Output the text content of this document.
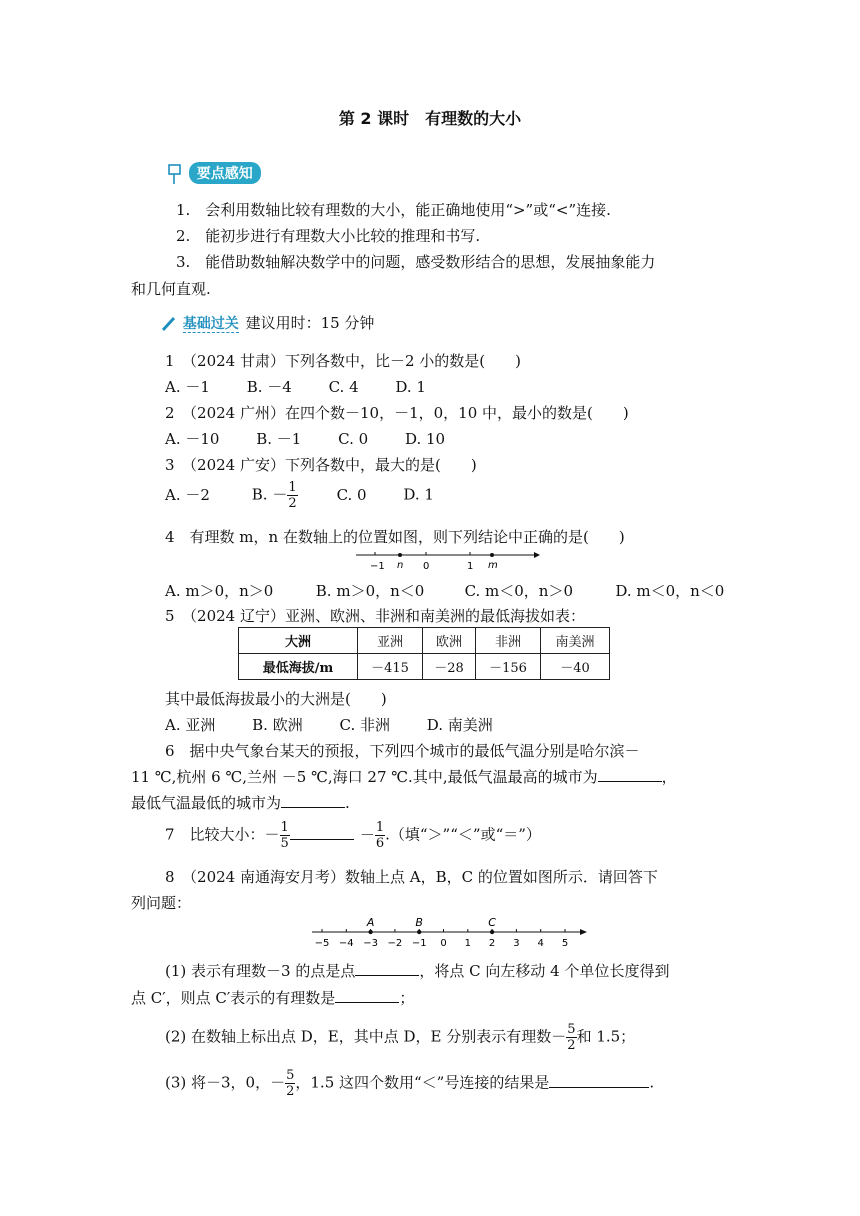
第 2 课时　有理数的大小
要点感知
1.　会利用数轴比较有理数的大小，能正确地使用“>”或“<”连接.
2.　能初步进行有理数大小比较的推理和书写.
3.　能借助数轴解决数学中的问题，感受数形结合的思想，发展抽象能力
和几何直观.
基础过关 建议用时：15 分钟
1　（2024 甘肃）下列各数中，比－2 小的数是(　　)
A. －1 B. －4 C. 4 D. 1
2　（2024 广州）在四个数－10，－1，0，10 中，最小的数是(　　)
A. －10 B. －1 C. 0 D. 10
3　（2024 广安）下列各数中，最大的是(　　)
A. －2	B. － $\frac{1}{2}$	C. 0 D. 1
4　有理数 m，n 在数轴上的位置如图，则下列结论中正确的是(　　)
−1 n 0	1 m
A. m＞0，n＞0	B. m＞0，n＜0	C. m＜0，n＞0	D. m＜0，n＜0
5　（2024 辽宁）亚洲、欧洲、非洲和南美洲的最低海拔如表：
大洲	亚洲	欧洲	非洲	南美洲
最低海拔/m	－415	－28	－156	－40
其中最低海拔最小的大洲是(　　)
A. 亚洲 B. 欧洲 C. 非洲 D. 南美洲
6　据中央气象台某天的预报，下列四个城市的最低气温分别是哈尔滨－
11 ℃,杭州 6 ℃,兰州 －5 ℃,海口 27 ℃.其中,最低气温最高的城市为	，
最低气温最低的城市为	.
7　比较大小：－ $\frac{1}{5}$	－ $\frac{1}{6}$ .（填“＞”“＜”或“＝”）
8　（2024 南通海安月考）数轴上点 A，B，C 的位置如图所示．请回答下
列问题：
−5 −4 −3 −2 −1 0 1 2 3 4 5
A	B	C
(1) 表示有理数－3 的点是点	，将点 C 向左移动 4 个单位长度得到
点 C′，则点 C′表示的有理数是	；
(2) 在数轴上标出点 D，E，其中点 D，E 分别表示有理数－ $\frac{5}{2}$ 和 1.5；
(3) 将－3，0，－ $\frac{5}{2}$ ，1.5 这四个数用“＜”号连接的结果是	.
